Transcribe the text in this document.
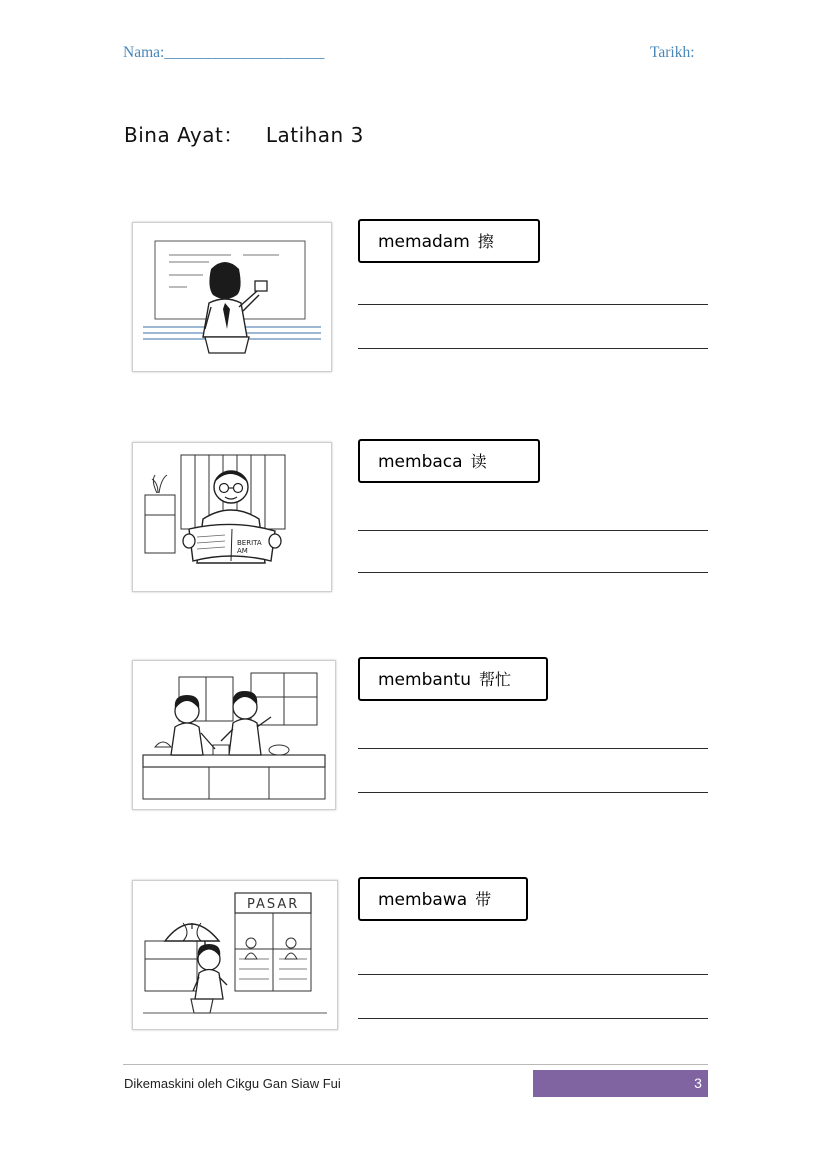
Nama:______________________	Tarikh:
Bina Ayat： Latihan 3
memadam 擦
BERITA
AM
membaca 读
membantu 帮忙
PASAR	membawa 带
Dikemaskini oleh Cikgu Gan Siaw Fui	3
